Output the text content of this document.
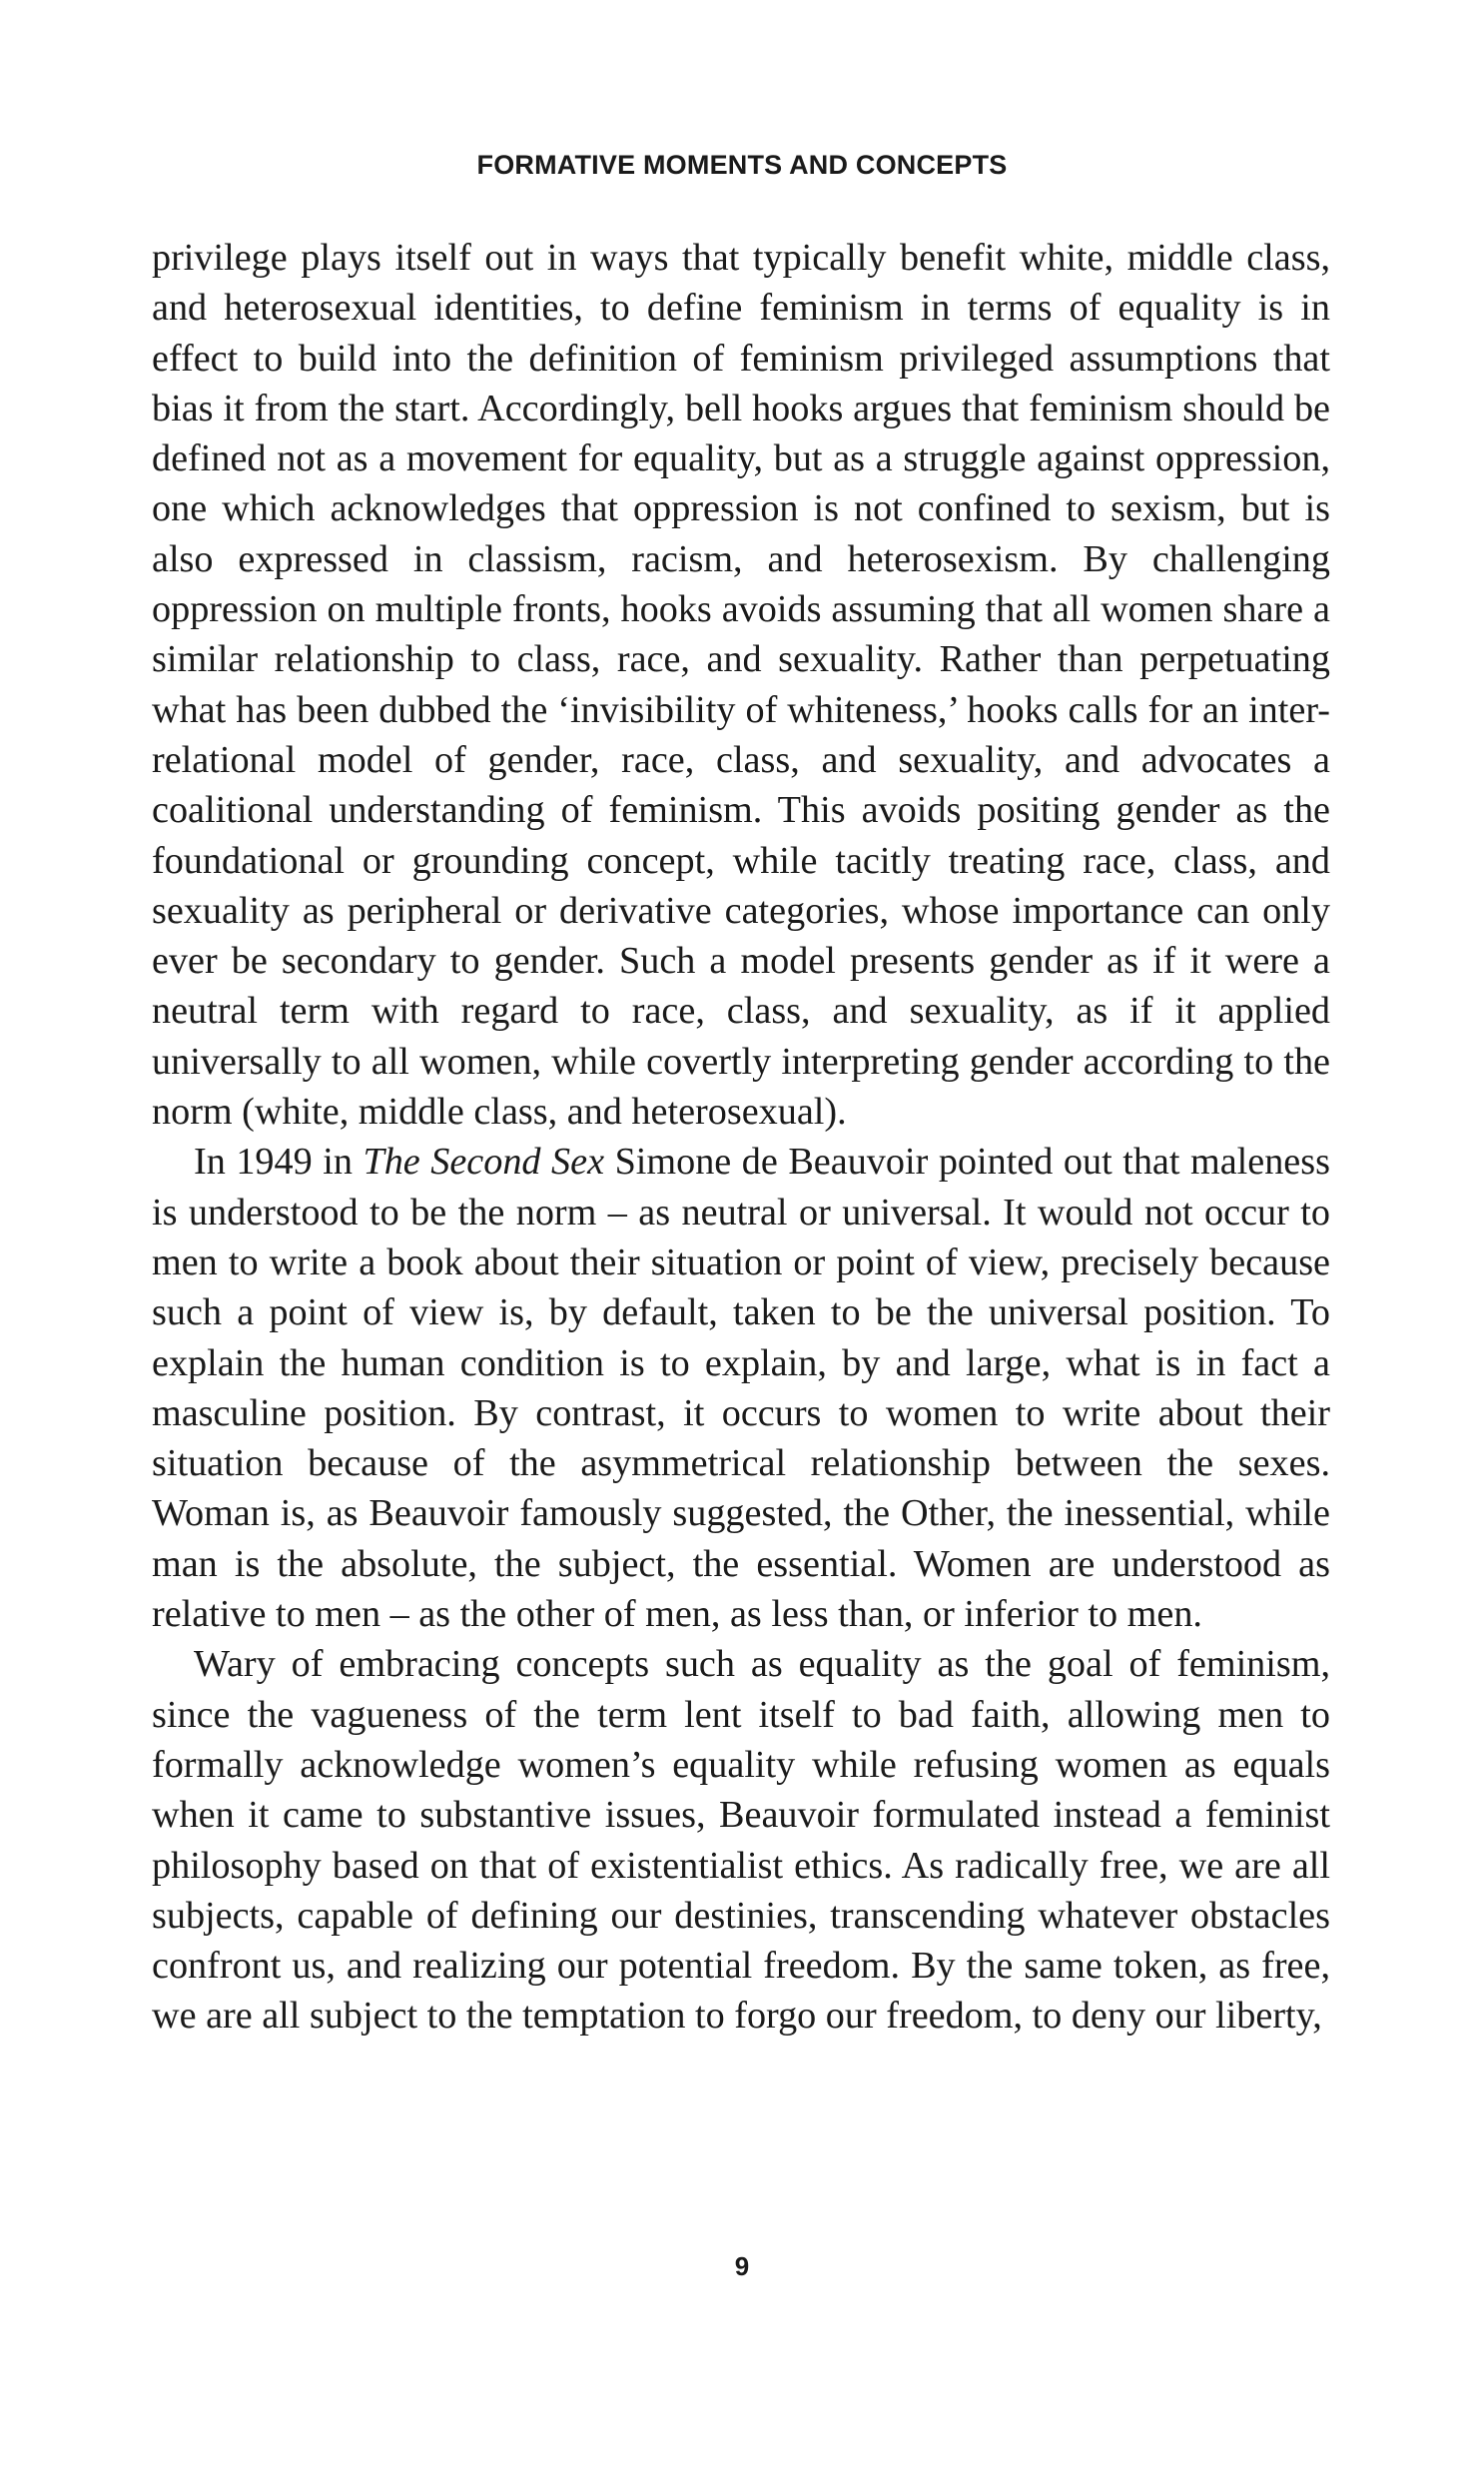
FORMATIVE MOMENTS AND CONCEPTS

privilege plays itself out in ways that typically benefit white, middle class, and heterosexual identities, to define feminism in terms of equality is in effect to build into the definition of feminism privileged assumptions that bias it from the start. Accordingly, bell hooks argues that feminism should be defined not as a movement for equality, but as a struggle against oppression, one which acknowledges that oppression is not confined to sexism, but is also expressed in classism, racism, and heterosexism. By challenging oppression on multiple fronts, hooks avoids assuming that all women share a similar relationship to class, race, and sexuality. Rather than perpetuating what has been dubbed the ‘invisibility of whiteness,’ hooks calls for an inter-relational model of gender, race, class, and sexuality, and advocates a coalitional understanding of feminism. This avoids positing gender as the foundational or grounding concept, while tacitly treating race, class, and sexuality as peripheral or derivative categories, whose importance can only ever be secondary to gender. Such a model presents gender as if it were a neutral term with regard to race, class, and sexuality, as if it applied universally to all women, while covertly interpreting gender according to the norm (white, middle class, and heterosexual).

In 1949 in The Second Sex Simone de Beauvoir pointed out that maleness is understood to be the norm – as neutral or universal. It would not occur to men to write a book about their situation or point of view, precisely because such a point of view is, by default, taken to be the universal position. To explain the human condition is to explain, by and large, what is in fact a masculine position. By contrast, it occurs to women to write about their situation because of the asymmetrical relationship between the sexes. Woman is, as Beauvoir famously suggested, the Other, the inessential, while man is the absolute, the subject, the essential. Women are understood as relative to men – as the other of men, as less than, or inferior to men.

Wary of embracing concepts such as equality as the goal of feminism, since the vagueness of the term lent itself to bad faith, allowing men to formally acknowledge women’s equality while refusing women as equals when it came to substantive issues, Beauvoir formulated instead a feminist philosophy based on that of existentialist ethics. As radically free, we are all subjects, capable of defining our destinies, transcending whatever obstacles confront us, and realizing our potential freedom. By the same token, as free, we are all subject to the temptation to forgo our freedom, to deny our liberty,

9
